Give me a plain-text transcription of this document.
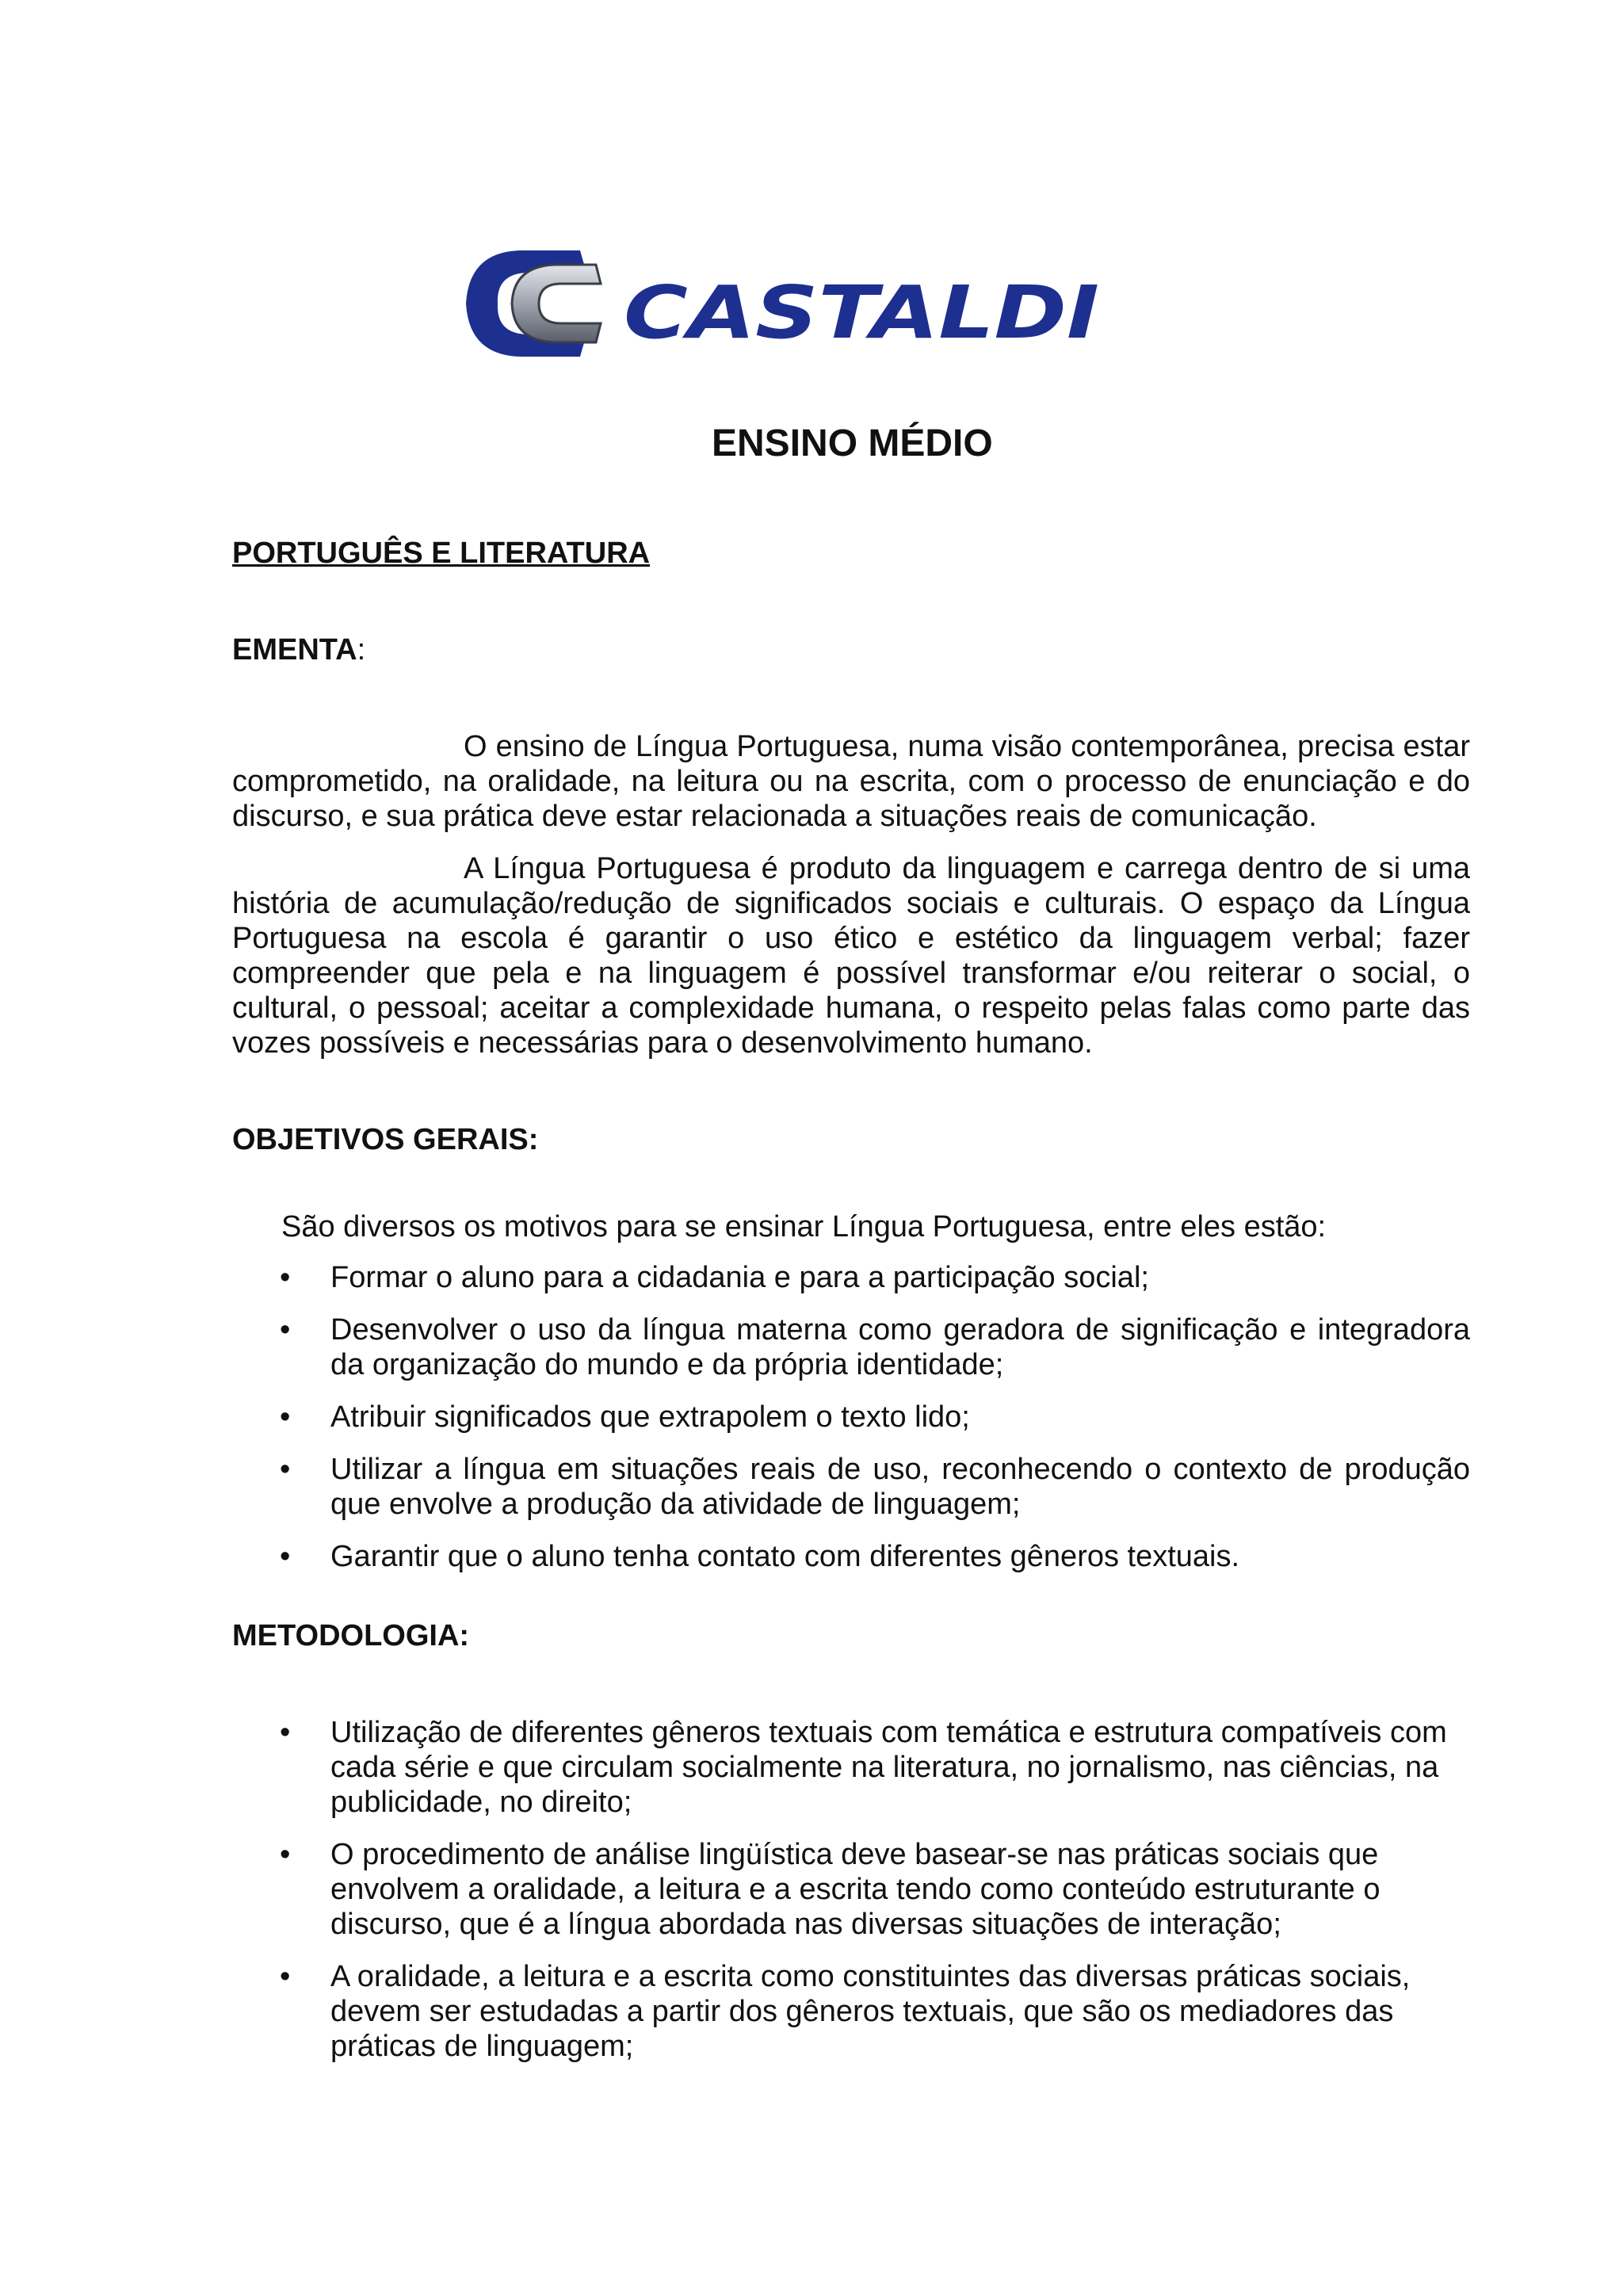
CASTALDI
ENSINO MÉDIO

PORTUGUÊS E LITERATURA

EMENTA:

O ensino de Língua Portuguesa, numa visão contemporânea, precisa estar comprometido, na oralidade, na leitura ou na escrita, com o processo de enunciação e do discurso, e sua prática deve estar relacionada a situações reais de comunicação.

A Língua Portuguesa é produto da linguagem e carrega dentro de si uma história de acumulação/redução de significados sociais e culturais. O espaço da Língua Portuguesa na escola é garantir o uso ético e estético da linguagem verbal; fazer compreender que pela e na linguagem é possível transformar e/ou reiterar o social, o cultural, o pessoal; aceitar a complexidade humana, o respeito pelas falas como parte das vozes possíveis e necessárias para o desenvolvimento humano.

OBJETIVOS GERAIS:

São diversos os motivos para se ensinar Língua Portuguesa, entre eles estão:

• Formar o aluno para a cidadania e para a participação social;
• Desenvolver o uso da língua materna como geradora de significação e integradora da organização do mundo e da própria identidade;
• Atribuir significados que extrapolem o texto lido;
• Utilizar a língua em situações reais de uso, reconhecendo o contexto de produção que envolve a produção da atividade de linguagem;
• Garantir que o aluno tenha contato com diferentes gêneros textuais.

METODOLOGIA:

• Utilização de diferentes gêneros textuais com temática e estrutura compatíveis com cada série e que circulam socialmente na literatura, no jornalismo, nas ciências, na publicidade, no direito;
• O procedimento de análise lingüística deve basear-se nas práticas sociais que envolvem a oralidade, a leitura e a escrita tendo como conteúdo estruturante o discurso, que é a língua abordada nas diversas situações de interação;
• A oralidade, a leitura e a escrita como constituintes das diversas práticas sociais, devem ser estudadas a partir dos gêneros textuais, que são os mediadores das práticas de linguagem;
